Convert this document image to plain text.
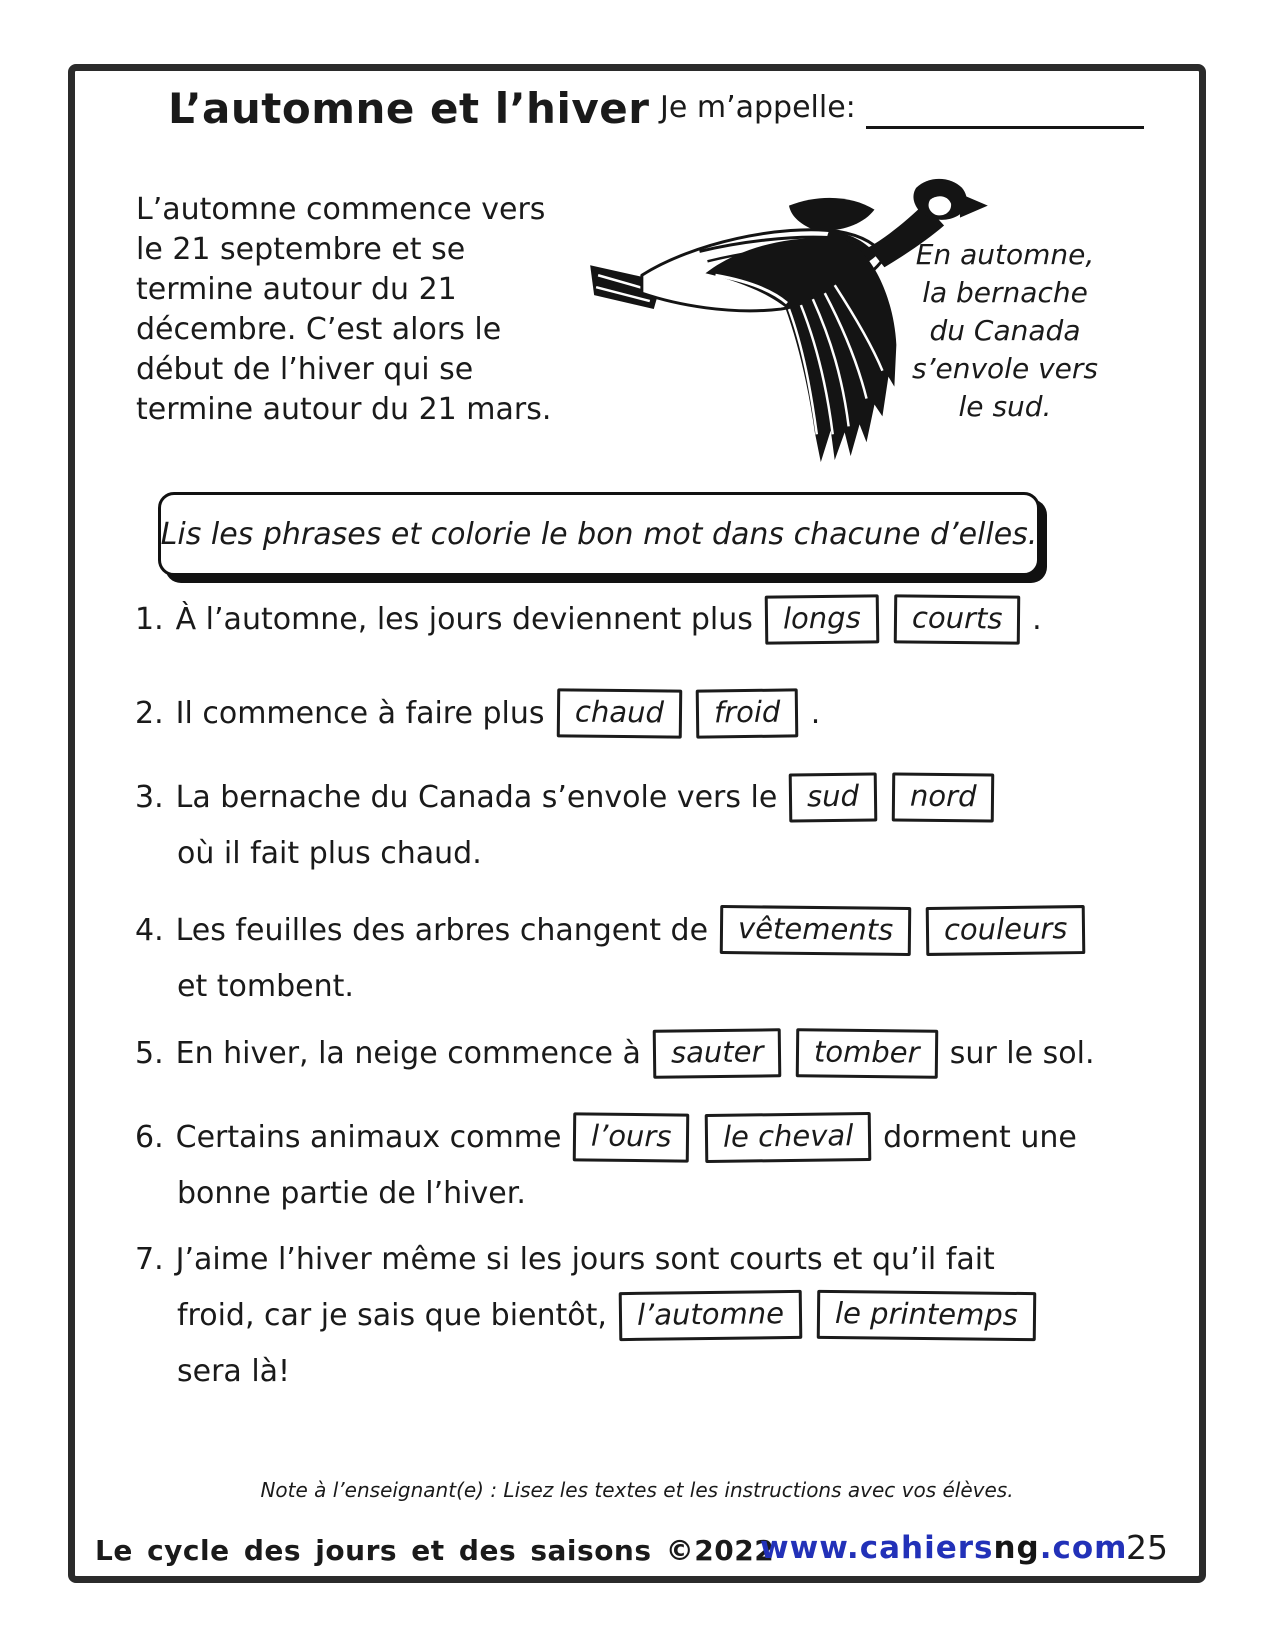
L’automne et l’hiver Je m’appelle:
L’automne commence vers
le 21 septembre et se
termine autour du 21
décembre. C’est alors le
début de l’hiver qui se
termine autour du 21 mars.
En automne,
la bernache
du Canada
s’envole vers
le sud.
Lis les phrases et colorie le bon mot dans chacune d’elles.
1. À l’automne, les jours deviennent plus	longs	courts .
2. Il commence à faire plus	chaud	froid .
3. La bernache du Canada s’envole vers le	sud	nord
où il fait plus chaud.
4. Les feuilles des arbres changent de	vêtements	couleurs
et tombent.
5. En hiver, la neige commence à	sauter	tomber sur le sol.
6. Certains animaux comme	l’ours	le cheval dorment une
bonne partie de l’hiver.
7. J’aime l’hiver même si les jours sont courts et qu’il fait
froid, car je sais que bientôt,	l’automne	le printemps
sera là!
Note à l’enseignant(e) : Lisez les textes et les instructions avec vos élèves.
Le cycle des jours et des saisons ©2022
www.cahiersng.com
25
